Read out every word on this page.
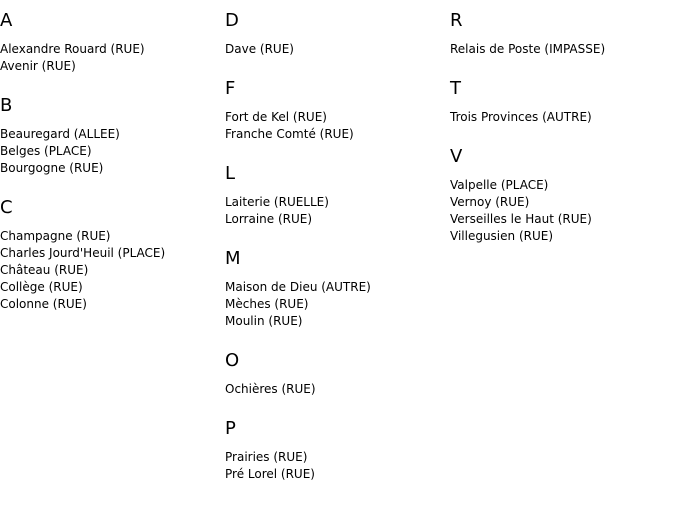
A
Alexandre Rouard (RUE)
Avenir (RUE)
B
Beauregard (ALLEE)
Belges (PLACE)
Bourgogne (RUE)
C
Champagne (RUE)
Charles Jourd'Heuil (PLACE)
Château (RUE)
Collège (RUE)
Colonne (RUE)
D
Dave (RUE)
F
Fort de Kel (RUE)
Franche Comté (RUE)
L
Laiterie (RUELLE)
Lorraine (RUE)
M
Maison de Dieu (AUTRE)
Mèches (RUE)
Moulin (RUE)
O
Ochières (RUE)
P
Prairies (RUE)
Pré Lorel (RUE)
R
Relais de Poste (IMPASSE)
T
Trois Provinces (AUTRE)
V
Valpelle (PLACE)
Vernoy (RUE)
Verseilles le Haut (RUE)
Villegusien (RUE)
